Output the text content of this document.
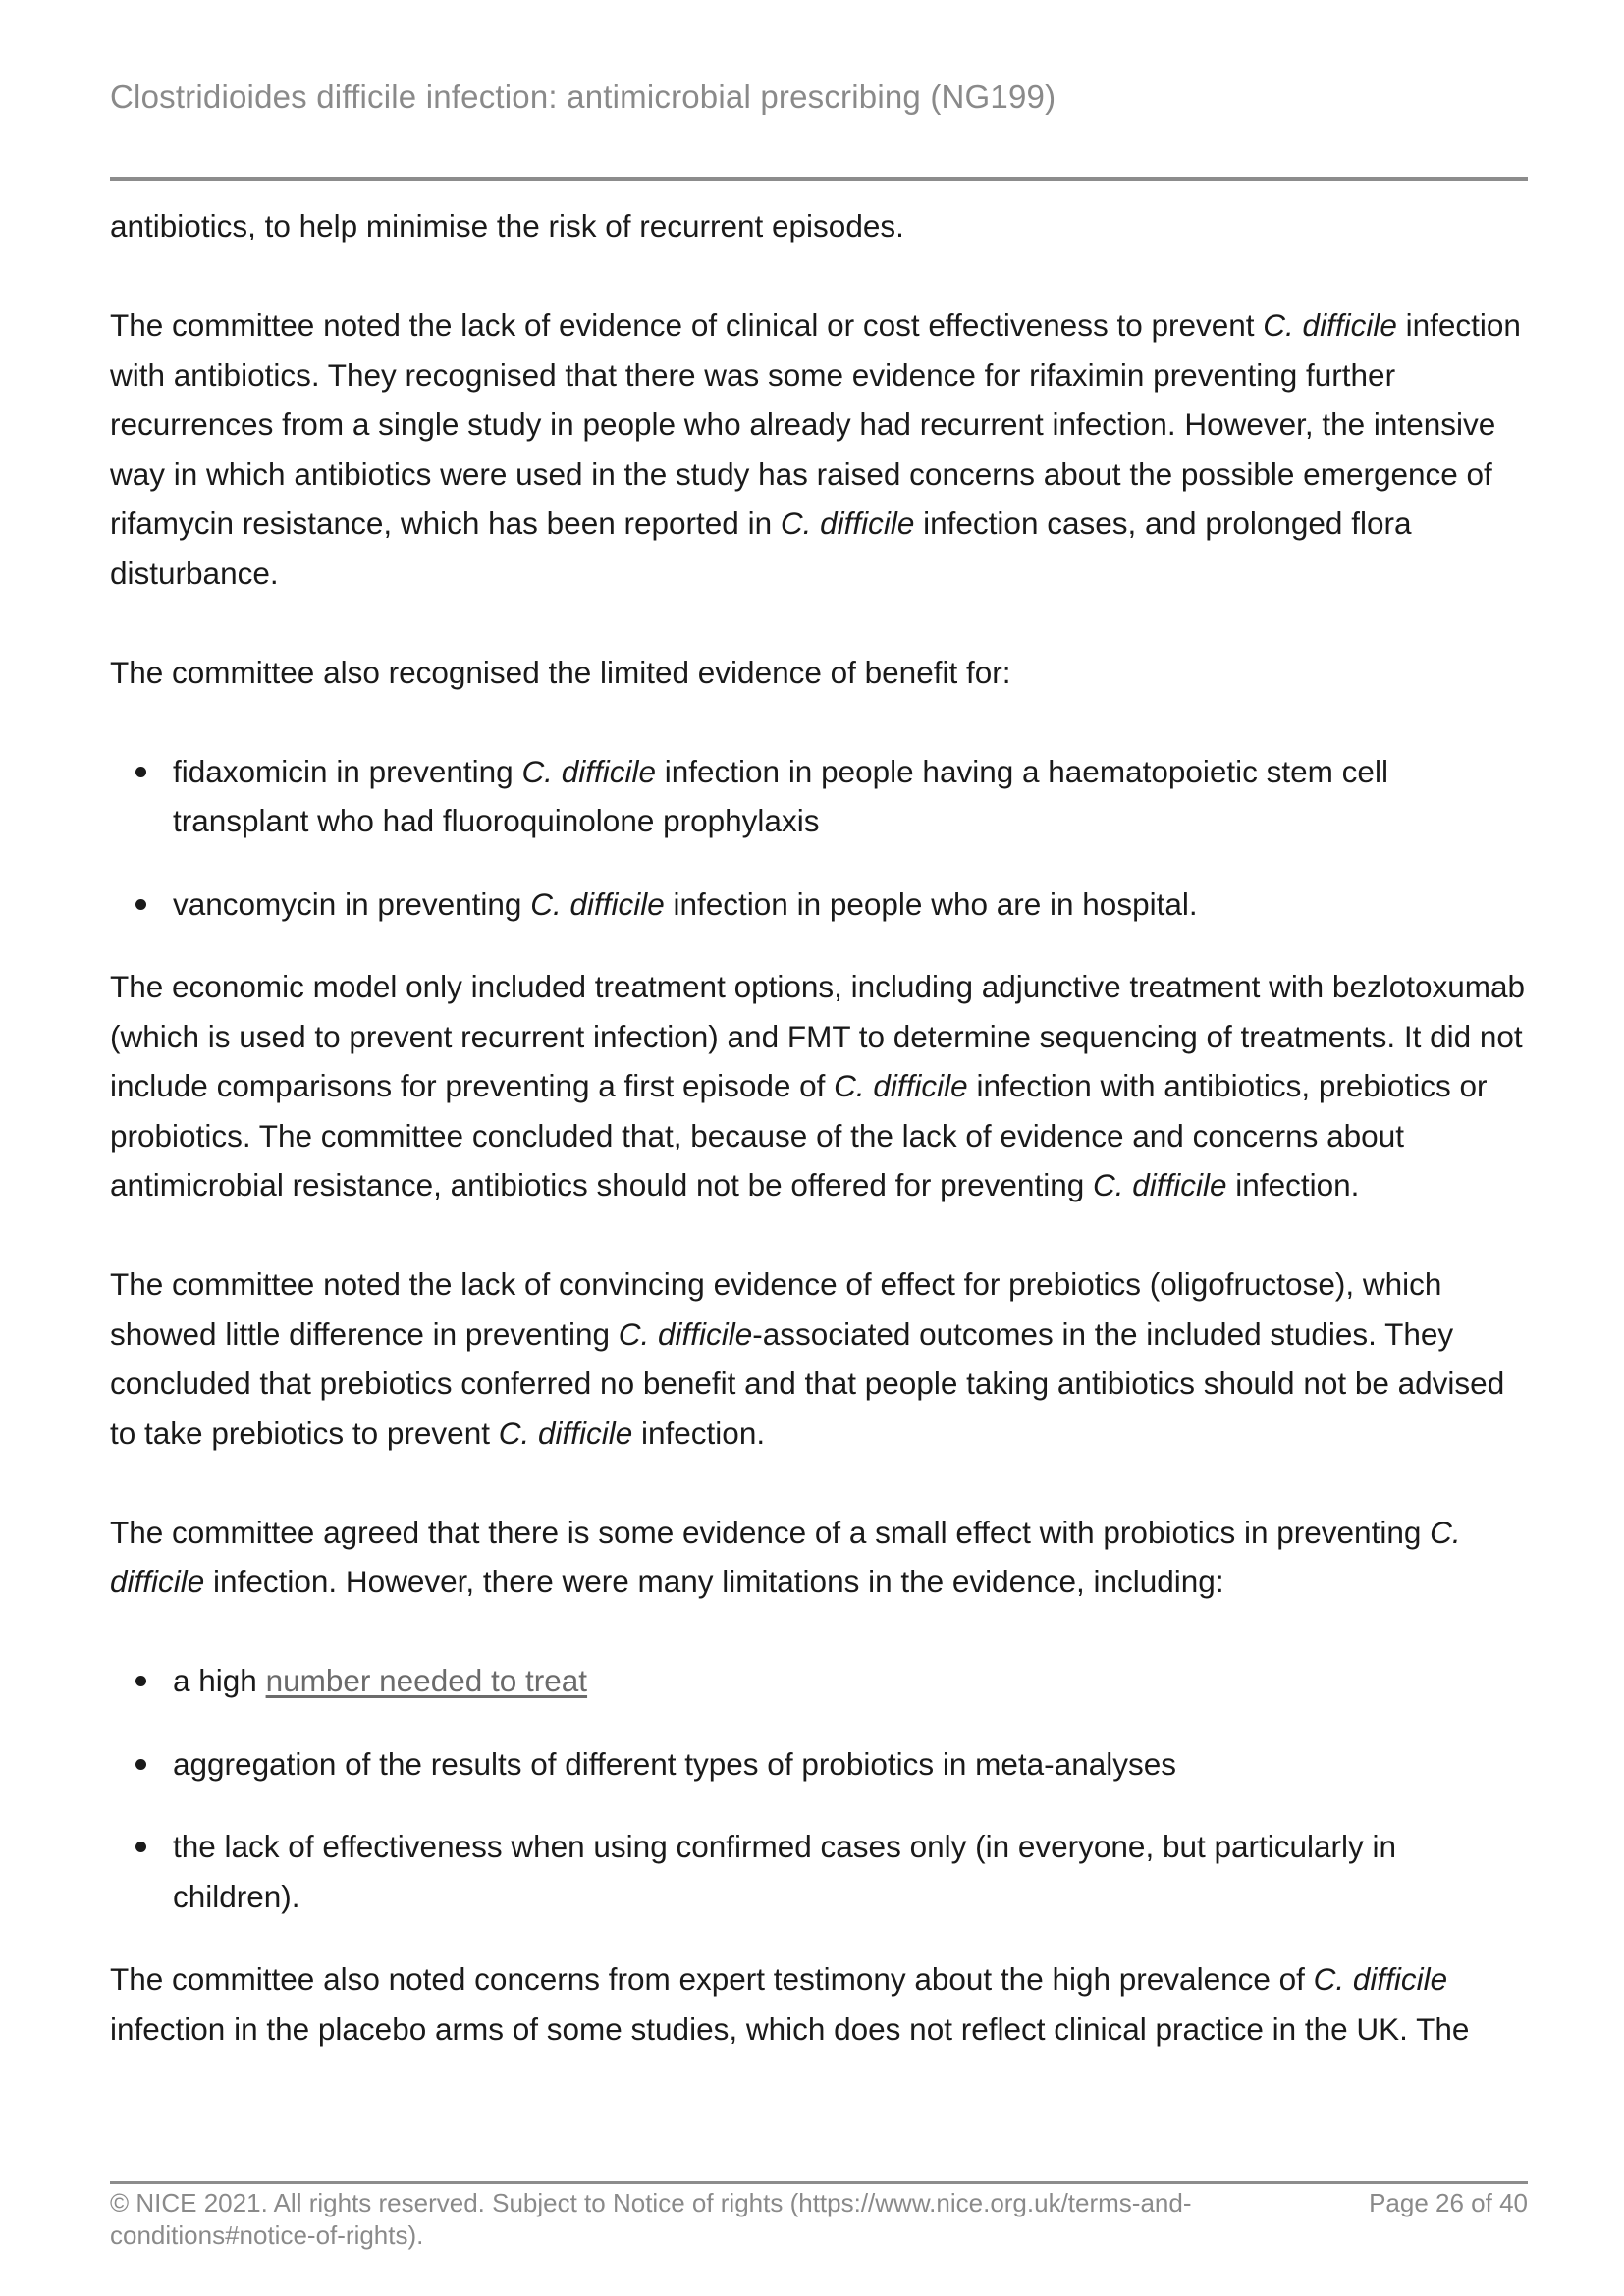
Clostridioides difficile infection: antimicrobial prescribing (NG199)

antibiotics, to help minimise the risk of recurrent episodes.

The committee noted the lack of evidence of clinical or cost effectiveness to prevent C. difficile infection with antibiotics. They recognised that there was some evidence for rifaximin preventing further recurrences from a single study in people who already had recurrent infection. However, the intensive way in which antibiotics were used in the study has raised concerns about the possible emergence of rifamycin resistance, which has been reported in C. difficile infection cases, and prolonged flora disturbance.

The committee also recognised the limited evidence of benefit for:

fidaxomicin in preventing C. difficile infection in people having a haematopoietic stem cell transplant who had fluoroquinolone prophylaxis
vancomycin in preventing C. difficile infection in people who are in hospital.

The economic model only included treatment options, including adjunctive treatment with bezlotoxumab (which is used to prevent recurrent infection) and FMT to determine sequencing of treatments. It did not include comparisons for preventing a first episode of C. difficile infection with antibiotics, prebiotics or probiotics. The committee concluded that, because of the lack of evidence and concerns about antimicrobial resistance, antibiotics should not be offered for preventing C. difficile infection.

The committee noted the lack of convincing evidence of effect for prebiotics (oligofructose), which showed little difference in preventing C. difficile-associated outcomes in the included studies. They concluded that prebiotics conferred no benefit and that people taking antibiotics should not be advised to take prebiotics to prevent C. difficile infection.

The committee agreed that there is some evidence of a small effect with probiotics in preventing C. difficile infection. However, there were many limitations in the evidence, including:

a high number needed to treat
aggregation of the results of different types of probiotics in meta-analyses
the lack of effectiveness when using confirmed cases only (in everyone, but particularly in children).

The committee also noted concerns from expert testimony about the high prevalence of C. difficile infection in the placebo arms of some studies, which does not reflect clinical practice in the UK. The

© NICE 2021. All rights reserved. Subject to Notice of rights (https://www.nice.org.uk/terms-and-conditions#notice-of-rights).
Page 26 of 40
